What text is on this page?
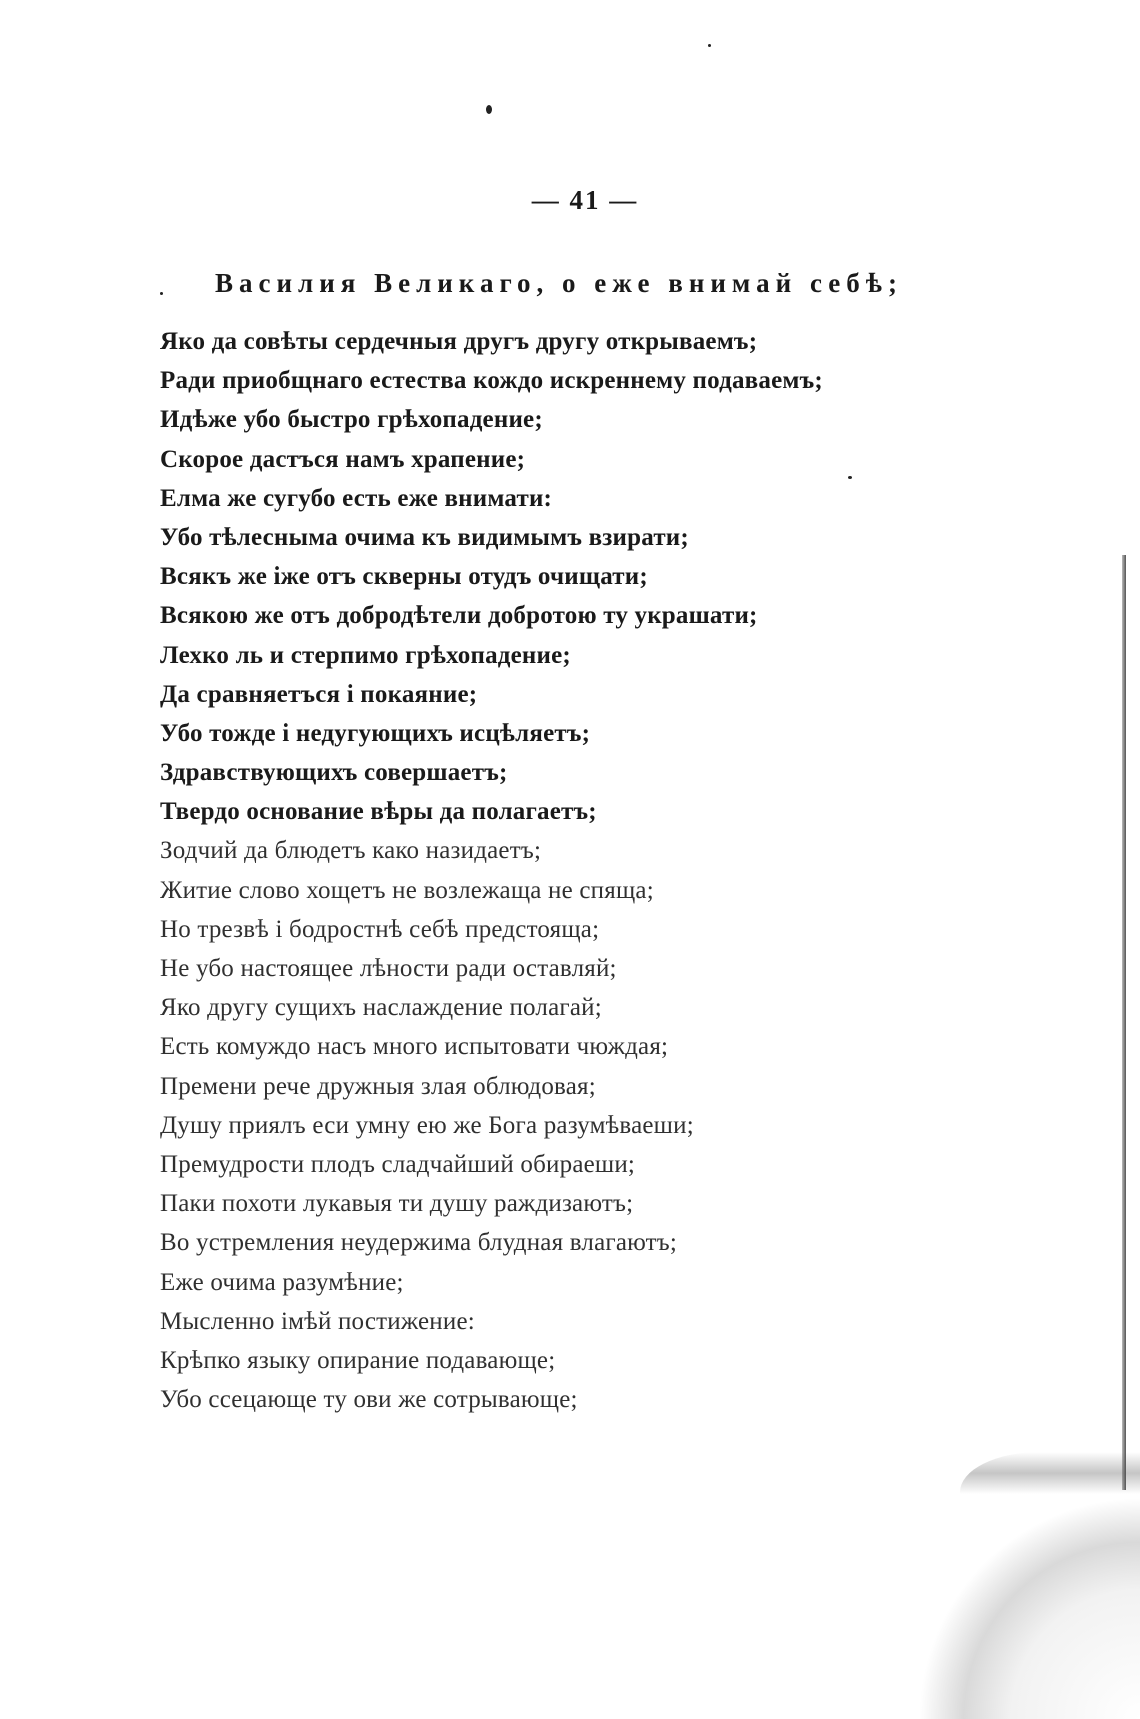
— 41 —
Василия Великаго, о еже внимай себѣ;
Яко да совѣты сердечныя другъ другу открываемъ;
Ради приобщнаго естества кождо искреннему подаваемъ;
Идѣже убо быстро грѣхопадение;
Скорое дастъся намъ храпение;
Елма же сугубо есть еже внимати:
Убо тѣлесныма очима къ видимымъ взирати;
Всякъ же іже отъ скверны отудъ очищати;
Всякою же отъ добродѣтели добротою ту украшати;
Лехко ль и стерпимо грѣхопадение;
Да сравняетъся і покаяние;
Убо тожде і недугующихъ исцѣляетъ;
Здравствующихъ совершаетъ;
Твердо основание вѣры да полагаетъ;
Зодчий да блюдетъ како назидаетъ;
Житие слово хощетъ не возлежаща не спяща;
Но трезвѣ і бодростнѣ себѣ предстояща;
Не убо настоящее лѣности ради оставляй;
Яко другу сущихъ наслаждение полагай;
Есть комуждо насъ много испытовати чюждая;
Премени рече дружныя злая облюдовая;
Душу приялъ еси умну ею же Бога разумѣваеши;
Премудрости плодъ сладчайший обираеши;
Паки похоти лукавыя ти душу раждизаютъ;
Во устремления неудержима блудная влагаютъ;
Еже очима разумѣние;
Мысленно імѣй постижение:
Крѣпко языку опирание подавающе;
Убо ссецающе ту ови же сотрывающе;
